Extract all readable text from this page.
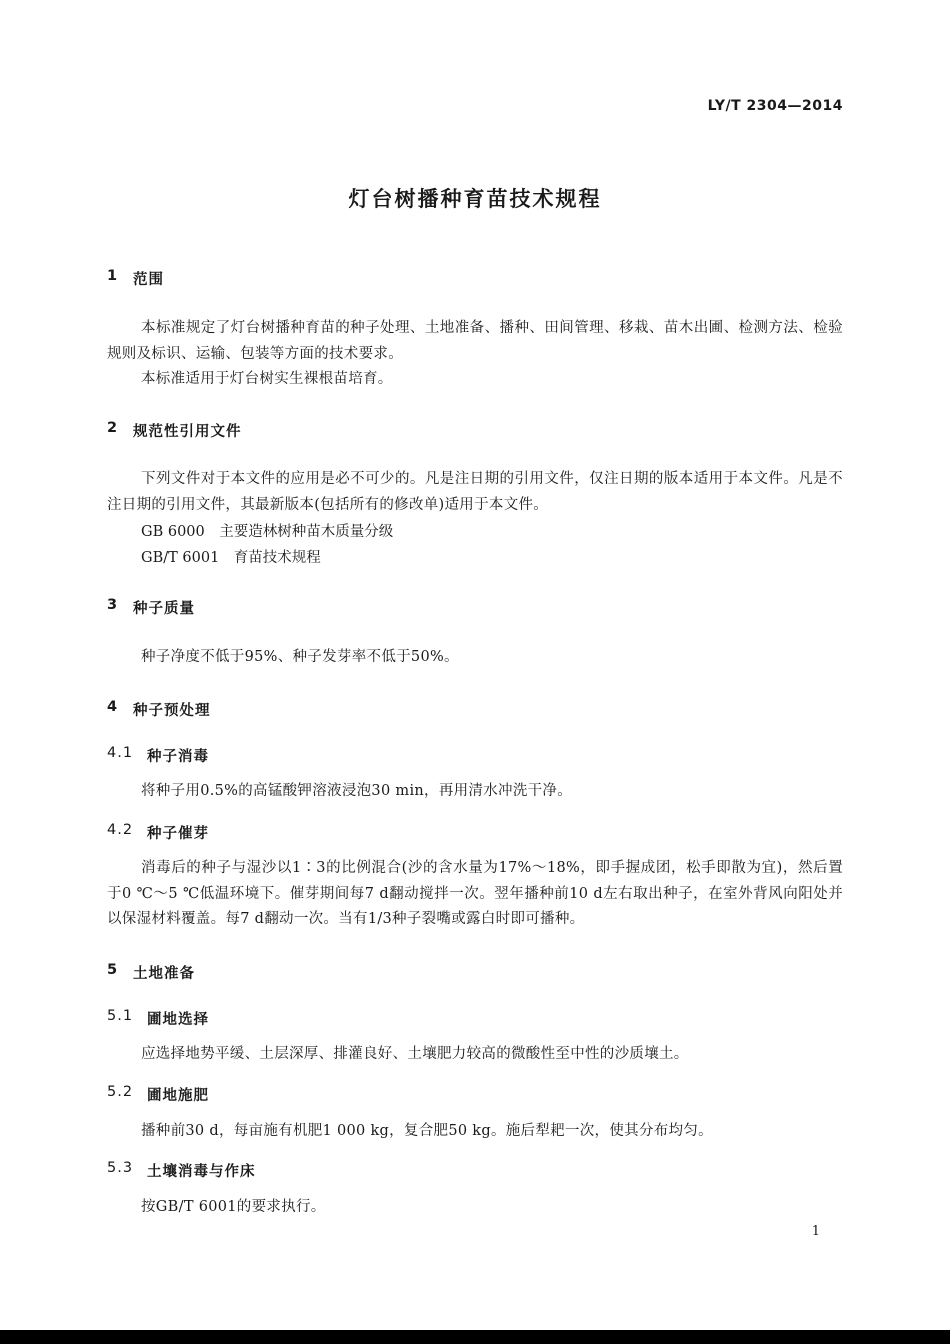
LY/T 2304—2014
灯台树播种育苗技术规程
1	范围
本标准规定了灯台树播种育苗的种子处理、土地准备、播种、田间管理、移栽、苗木出圃、检测方法、检验规则及标识、运输、包装等方面的技术要求。
本标准适用于灯台树实生裸根苗培育。
2	规范性引用文件
下列文件对于本文件的应用是必不可少的。凡是注日期的引用文件，仅注日期的版本适用于本文件。凡是不注日期的引用文件，其最新版本(包括所有的修改单)适用于本文件。
GB 6000　主要造林树种苗木质量分级
GB/T 6001　育苗技术规程
3	种子质量
种子净度不低于95%、种子发芽率不低于50%。
4	种子预处理
4.1 种子消毒
将种子用0.5%的高锰酸钾溶液浸泡30 min，再用清水冲洗干净。
4.2 种子催芽
消毒后的种子与湿沙以1∶3的比例混合(沙的含水量为17%～18%，即手握成团，松手即散为宜)，然后置于0 ℃～5 ℃低温环境下。催芽期间每7 d翻动搅拌一次。翌年播种前10 d左右取出种子，在室外背风向阳处并以保湿材料覆盖。每7 d翻动一次。当有1/3种子裂嘴或露白时即可播种。
5	土地准备
5.1 圃地选择
应选择地势平缓、土层深厚、排灌良好、土壤肥力较高的微酸性至中性的沙质壤土。
5.2 圃地施肥
播种前30 d，每亩施有机肥1 000 kg，复合肥50 kg。施后犁耙一次，使其分布均匀。
5.3 土壤消毒与作床
按GB/T 6001的要求执行。
1
